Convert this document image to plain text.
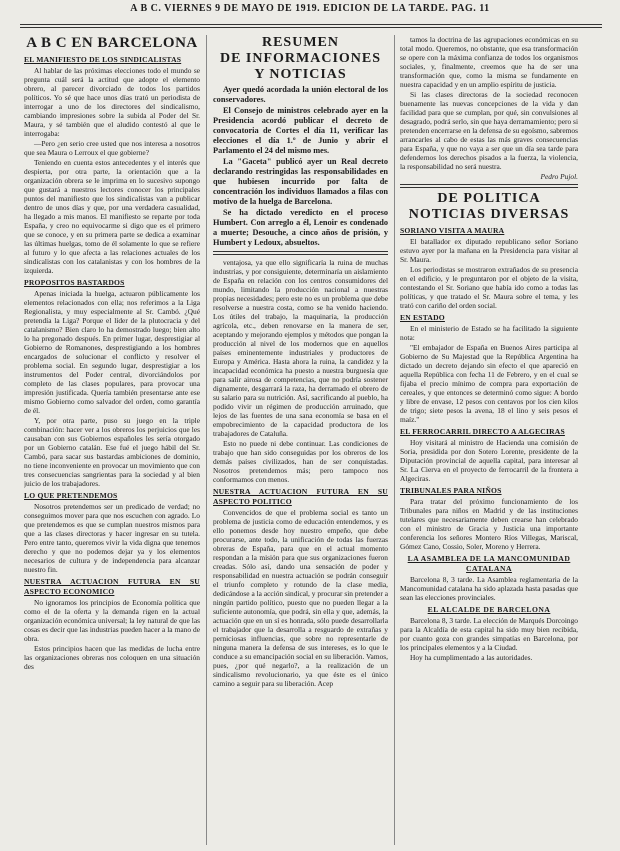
A B C. VIERNES 9 DE MAYO DE 1919. EDICION DE LA TARDE. PAG. 11
A B C EN BARCELONA
EL MANIFIESTO DE LOS SINDICALISTAS

Al hablar de las próximas elecciones todo el mundo se pregunta cuál será la actitud que adopte el elemento obrero, al parecer divorciado de todos los partidos políticos. Yo sé que hace unos días trató un periodista de interrogar a uno de los directores del sindicalismo, cambiando impresiones sobre la subida al Poder del Sr. Maura, y sé también que el aludido contestó al que le interrogaba:

—Pero ¿en serio cree usted que nos interesa a nosotros que sea Maura o Lerroux el que gobierne?

Teniendo en cuenta estos antecedentes y el interés que despierta, por otra parte, la orientación que a la organización obrera se le imprima en lo sucesivo supongo que gustará a nuestros lectores conocer los principales puntos del manifiesto que los sindicalistas van a publicar dentro de unos días y que, por una verdadera casualidad, ha llegado a mis manos. El manifiesto se reparte por toda España, y creo no equivocarme si digo que es el primero que se conoce, y en su primera parte se dedica a examinar las últimas huelgas, tomo de él solamente lo que se refiere al futuro y lo que afecta a las relaciones actuales de los sindicalistas con los catalanistas y con los hombres de la izquierda.

PROPOSITOS BASTARDOS

Apenas iniciada la huelga, actuaron públicamente los elementos relacionados con ella; nos referimos a la Liga Regionalista, y muy especialmente al Sr. Cambó. ¿Qué pretendía la Liga? Porque el líder de la plutocracia y del catalanismo? Bien claro lo ha demostrado luego; bien alto lo ha pregonado después. En primer lugar, desprestigiar al Gobierno de Romanones, desprestigiando a los hombres encargados de solucionar el conflicto y resolver el problema social. En segundo lugar, desprestigiar a los instrumentos del Poder central, divorciándolos por completo de las clases populares, para provocar una impresión justificada. Quería también presentarse ante ese mismo Gobierno como salvador del orden, como garantía de él.

Y, por otra parte, puso su juego en la triple combinación: hacer ver a los obreros los perjuicios que les causaban con sus Gobiernos españoles les sería otorgado por un Gobierno catalán. Ese fué el juego hábil del Sr. Cambó, para sacar sus bastardas ambiciones de dominio, no tiene inconveniente en provocar un movimiento que con tres consecuencias sangrientas para la sociedad y al bien juicio de los trabajadores.

LO QUE PRETENDEMOS

Nosotros pretendemos ser un predicado de verdad; no conseguimos mover para que nos escuchen con agrado. Lo que pretendemos es que se cumplan nuestros mismos para que a las clases directoras y hacer ingresar en su tutela. Pero entre tanto, queremos vivir la vida digna que tenemos derecho y que no podemos dejar ya y los elementos necesarios de cultura y de independencia para alcanzar nuestro fin.

NUESTRA ACTUACION FUTURA EN SU ASPECTO ECONOMICO

No ignoramos los principios de Economía política que como el de la oferta y la demanda rigen en la actual organización económica universal; la ley natural de que las cosas es decir que las industrias pueden hacer a la mano de obra.

Estos principios hacen que las medidas de lucha entre las organizaciones obreras nos coloquen en una situación des

RESUMEN
DE INFORMACIONES
Y NOTICIAS

Ayer quedó acordada la unión electoral de los conservadores.

El Consejo de ministros celebrado ayer en la Presidencia acordó publicar el decreto de convocatoria de Cortes el día 11, verificar las elecciones el día 1.º de Junio y abrir el Parlamento el 24 del mismo mes.

La "Gaceta" publicó ayer un Real decreto declarando restringidas las responsabilidades en que hubiesen incurrido por falta de concentración los individuos llamados a filas con motivo de la huelga de Barcelona.

Se ha dictado veredicto en el proceso Humbert. Con arreglo a él, Lenoir es condenado a muerte; Desouche, a cinco años de prisión, y Humbert y Ledoux, absueltos.

ventajosa, ya que ello significaría la ruina de muchas industrias, y por consiguiente, determinaría un aislamiento de España en relación con los centros consumidores del mundo, limitando la producción nacional a nuestras propias necesidades; pero este no es un problema que debe resolverse a nuestra costa, como se ha venido haciendo. Los útiles del trabajo, la maquinaria, la producción agrícola, etc., deben renovarse en la manera de ser, aceptando y mejorando ejemplos y métodos que pongan la producción al nivel de los modernos que en aquellos países eminentemente industriales y productores de Europa y América. Hasta ahora la ruina, la candidez y la incapacidad económica ha puesto a nuestra burguesía que para salir airosa de competencias, que no podría sostener dignamente, desgarrará la raza, ha derramado el obrero de su salario para su nutrición. Así, sacrificando al pueblo, ha podido vivir un régimen de producción arruinado, que lejos de las fuentes de una sana economía se basa en el empobrecimiento de la capacidad productora de los trabajadores de Cataluña.

Esto no puede ni debe continuar. Las condiciones de trabajo que han sido conseguidas por los obreros de los demás países civilizados, han de ser conquistadas. Nosotros pretendemos más; pero tampoco nos conformamos con menos.

NUESTRA ACTUACION FUTURA EN SU ASPECTO POLITICO

Convencidos de que el problema social es tanto un problema de justicia como de educación entendemos, y es ello ponemos desde hoy nuestro empeño, que debe procurarse, ante todo, la unificación de todas las fuerzas obreras de España, para que en el actual momento respondan a la misión para que sus organizaciones fueron creadas. Sólo así, dando una sensación de poder y responsabilidad en nuestra actuación se podrán conseguir el triunfo completo y rotundo de la clase media, dedicándose a la acción sindical, y procurar sin pretender a ningún partido político, puesto que no pueden llegar a la suficiente autonomía, que podrá, sin ella y que, además, la actuación que en un sí es honrada, sólo puede desarrollarla el trabajador que la desarrolla a resguardo de extrañas y perniciosas influencias, que sobre no representarle de ninguna manera la defensa de sus intereses, es lo que le conduce a su emancipación social en su liberación. Vamos, pues, ¿por qué negarlo?, a la realización de un sindicalismo revolucionario, ya que éste es el único camino a seguir para su liberación. Acep

tamos la doctrina de las agrupaciones económicas en su total modo. Queremos, no obstante, que esa transformación se opere con la máxima confianza de todos los organismos sociales, y, finalmente, creemos que ha de ser una transformación que, como la misma se fundamente en nuestra capacidad y en un amplio espíritu de justicia.

Si las clases directoras de la sociedad reconocen buenamente las nuevas concepciones de la vida y dan facilidad para que se cumplan, por qué, sin convulsiones al desagrado, podrá serlo, sin que haya derramamiento; pero si pretenden encerrarse en la defensa de su egoísmo, sabremos arrancarles al cabo de estas las más graves consecuencias para España, y que no vaya a ser que un día sea tarde para defendernos los derechos pisados a la fuerza, la violencia, la responsabilidad no será nuestra.

Pedro Pujol.
DE POLITICA
NOTICIAS DIVERSAS
SORIANO VISITA A MAURA

El batallador ex diputado republicano señor Soriano estuvo ayer por la mañana en la Presidencia para visitar al Sr. Maura.

Los periodistas se mostraron extrañados de su presencia en el edificio, y le preguntaron por el objeto de la visita, contestando el Sr. Soriano que había ido como a todas las políticas, y que tratado el Sr. Maura sobre el tema, y les trató con cariño del orden social.

EN ESTADO

En el ministerio de Estado se ha facilitado la siguiente nota:

"El embajador de España en Buenos Aires participa al Gobierno de Su Majestad que la República Argentina ha dictado un decreto dejando sin efecto el que apareció en aquella República con fecha 11 de Febrero, y en el cual se fijaba el precio mínimo de compra para exportación de cereales, y que entonces se determinó como sigue: A bordo y libre de envase, 12 pesos con centavos por los cien kilos de trigo; siete pesos la avena, 18 el lino y seis pesos el maíz."

EL FERROCARRIL DIRECTO A ALGECIRAS

Hoy visitará al ministro de Hacienda una comisión de Soria, presidida por don Sotero Lorente, presidente de la Diputación provincial de aquella capital, para interesar al Sr. La Cierva en el proyecto de ferrocarril de la frontera a Algeciras.

TRIBUNALES PARA NIÑOS

Para tratar del próximo funcionamiento de los Tribunales para niños en Madrid y de las instituciones tutelares que necesariamente deben crearse han celebrado con el ministro de Gracia y Justicia una importante conferencia los señores Montero Ríos Villegas, Mariscal, Gómez Cano, Cossio, Soler, Moreno y Herrera.

LA ASAMBLEA DE LA MANCOMUNIDAD CATALANA

Barcelona 8, 3 tarde. La Asamblea reglamentaria de la Mancomunidad catalana ha sido aplazada hasta pasadas que sean las elecciones provinciales.

EL ALCALDE DE BARCELONA

Barcelona 8, 3 tarde. La elección de Marqués Dorcoingo para la Alcaldía de esta capital ha sido muy bien recibida, por cuanto goza con grandes simpatías en Barcelona, por los principales elementos y a la Ciudad.

Hoy ha cumplimentado a las autoridades.
